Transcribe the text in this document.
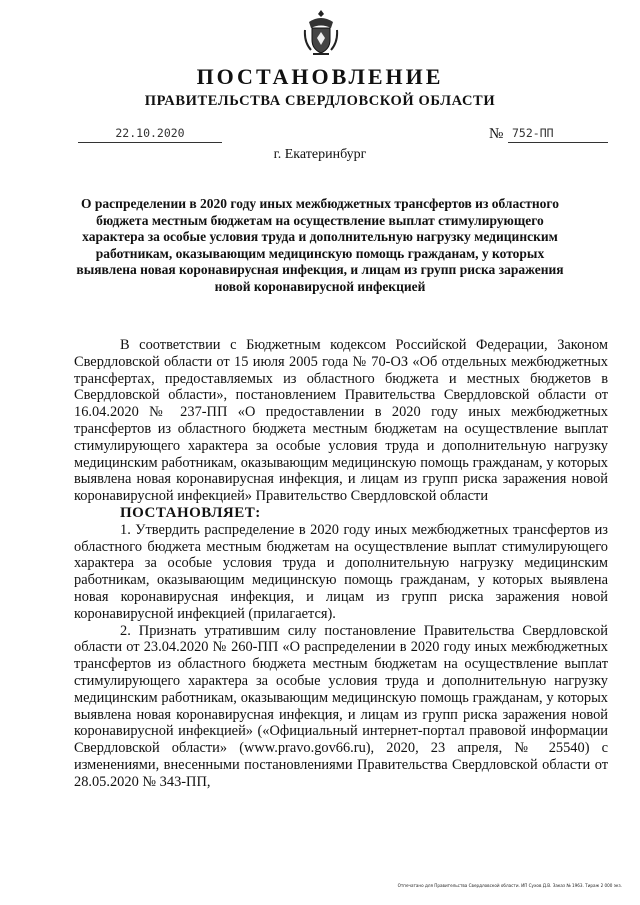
ПОСТАНОВЛЕНИЕ
ПРАВИТЕЛЬСТВА СВЕРДЛОВСКОЙ ОБЛАСТИ
22.10.2020	№ 752-ПП
г. Екатеринбург
О распределении в 2020 году иных межбюджетных трансфертов из областного бюджета местным бюджетам на осуществление выплат стимулирующего характера за особые условия труда и дополнительную нагрузку медицинским работникам, оказывающим медицинскую помощь гражданам, у которых выявлена новая коронавирусная инфекция, и лицам из групп риска заражения новой коронавирусной инфекцией

В соответствии с Бюджетным кодексом Российской Федерации, Законом Свердловской области от 15 июля 2005 года № 70-ОЗ «Об отдельных межбюджетных трансфертах, предоставляемых из областного бюджета и местных бюджетов в Свердловской области», постановлением Правительства Свердловской области от 16.04.2020 № 237-ПП «О предоставлении в 2020 году иных межбюджетных трансфертов из областного бюджета местным бюджетам на осуществление выплат стимулирующего характера за особые условия труда и дополнительную нагрузку медицинским работникам, оказывающим медицинскую помощь гражданам, у которых выявлена новая коронавирусная инфекция, и лицам из групп риска заражения новой коронавирусной инфекцией» Правительство Свердловской области

ПОСТАНОВЛЯЕТ:

1. Утвердить распределение в 2020 году иных межбюджетных трансфертов из областного бюджета местным бюджетам на осуществление выплат стимулирующего характера за особые условия труда и дополнительную нагрузку медицинским работникам, оказывающим медицинскую помощь гражданам, у которых выявлена новая коронавирусная инфекция, и лицам из групп риска заражения новой коронавирусной инфекцией (прилагается).

2. Признать утратившим силу постановление Правительства Свердловской области от 23.04.2020 № 260-ПП «О распределении в 2020 году иных межбюджетных трансфертов из областного бюджета местным бюджетам на осуществление выплат стимулирующего характера за особые условия труда и дополнительную нагрузку медицинским работникам, оказывающим медицинскую помощь гражданам, у которых выявлена новая коронавирусная инфекция, и лицам из групп риска заражения новой коронавирусной инфекцией» («Официальный интернет-портал правовой информации Свердловской области» (www.pravo.gov66.ru), 2020, 23 апреля, № 25540) с изменениями, внесенными постановлениями Правительства Свердловской области от 28.05.2020 № 343-ПП,

Отпечатано для Правительства Свердловской области. ИП Сухов Д.В. Заказ № 1963. Тираж 2 000 экз.
